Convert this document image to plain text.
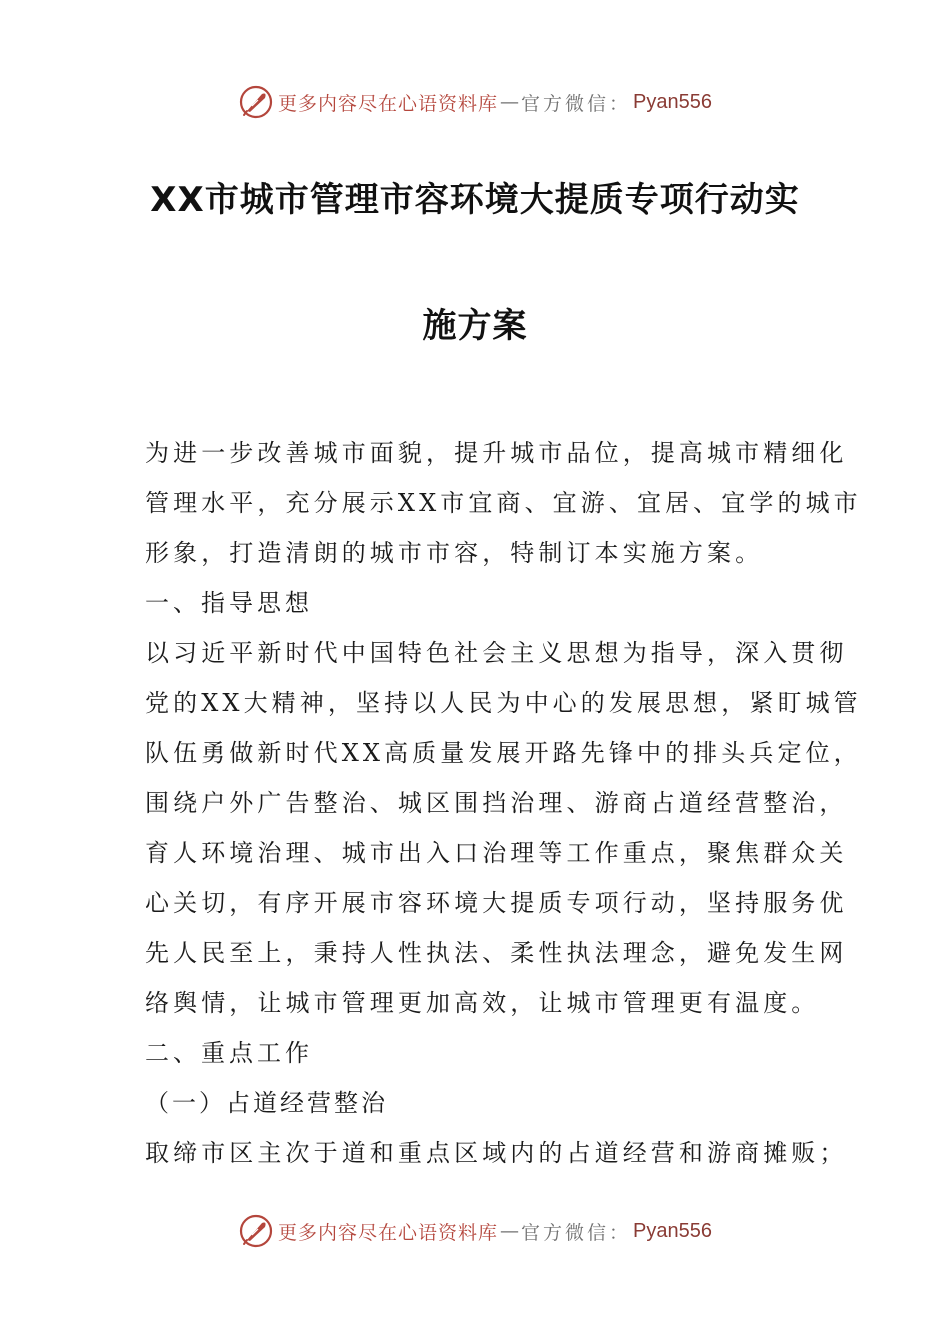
更多内容尽在心语资料库 — 官方微信： Pyan556
XX市城市管理市容环境大提质专项行动实
施方案
为进一步改善城市面貌，提升城市品位，提高城市精细化
管理水平，充分展示XX市宜商、宜游、宜居、宜学的城市
形象，打造清朗的城市市容，特制订本实施方案。
一、指导思想
以习近平新时代中国特色社会主义思想为指导，深入贯彻
党的XX大精神，坚持以人民为中心的发展思想，紧盯城管
队伍勇做新时代XX高质量发展开路先锋中的排头兵定位，
围绕户外广告整治、城区围挡治理、游商占道经营整治，
育人环境治理、城市出入口治理等工作重点，聚焦群众关
心关切，有序开展市容环境大提质专项行动，坚持服务优
先人民至上，秉持人性执法、柔性执法理念，避免发生网
络舆情，让城市管理更加高效，让城市管理更有温度。
二、重点工作
（一）占道经营整治
取缔市区主次于道和重点区域内的占道经营和游商摊贩；
更多内容尽在心语资料库 — 官方微信： Pyan556
